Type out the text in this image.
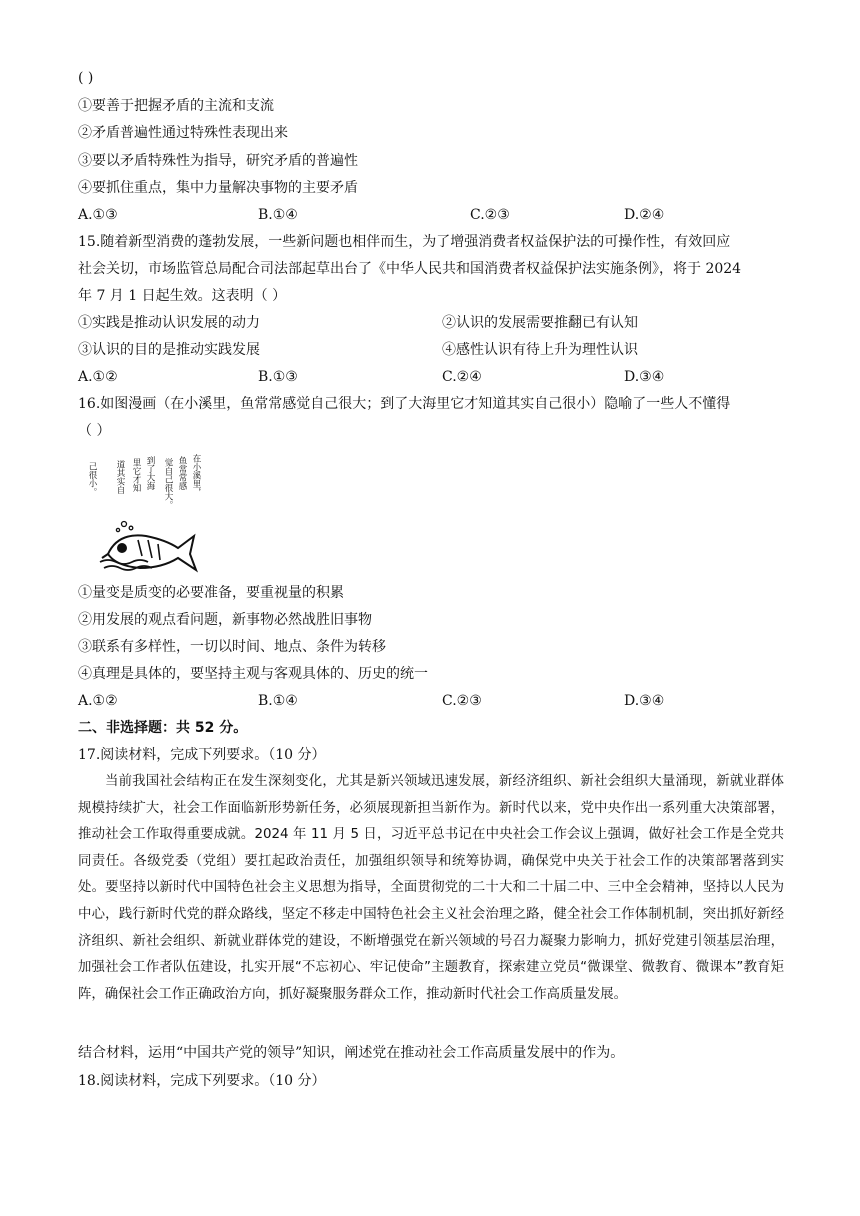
( )
①要善于把握矛盾的主流和支流
②矛盾普遍性通过特殊性表现出来
③要以矛盾特殊性为指导，研究矛盾的普遍性
④要抓住重点，集中力量解决事物的主要矛盾
A.①③	B.①④	C.②③	D.②④
15.随着新型消费的蓬勃发展，一些新问题也相伴而生，为了增强消费者权益保护法的可操作性，有效回应
社会关切，市场监管总局配合司法部起草出台了《中华人民共和国消费者权益保护法实施条例》，将于 2024
年 7 月 1 日起生效。这表明（ ）
①实践是推动认识发展的动力	②认识的发展需要推翻已有认知
③认识的目的是推动实践发展	④感性认识有待上升为理性认识
A.①②	B.①③	C.②④	D.③④
16.如图漫画（在小溪里，鱼常常感觉自己很大；到了大海里它才知道其实自己很小）隐喻了一些人不懂得
（ ）
在小溪里，
鱼常常感
觉自己很大。
到了大海
里它才知
道其实自
己很小。
①量变是质变的必要准备，要重视量的积累
②用发展的观点看问题，新事物必然战胜旧事物
③联系有多样性，一切以时间、地点、条件为转移
④真理是具体的，要坚持主观与客观具体的、历史的统一
A.①②	B.①④	C.②③	D.③④
二、非选择题：共 52 分。
17.阅读材料，完成下列要求。（10 分）
当前我国社会结构正在发生深刻变化，尤其是新兴领域迅速发展，新经济组织、新社会组织大量涌现，新就业群体规模持续扩大，社会工作面临新形势新任务，必须展现新担当新作为。新时代以来，党中央作出一系列重大决策部署，推动社会工作取得重要成就。2024 年 11 月 5 日，习近平总书记在中央社会工作会议上强调，做好社会工作是全党共同责任。各级党委（党组）要扛起政治责任，加强组织领导和统筹协调，确保党中央关于社会工作的决策部署落到实处。要坚持以新时代中国特色社会主义思想为指导，全面贯彻党的二十大和二十届二中、三中全会精神，坚持以人民为中心，践行新时代党的群众路线，坚定不移走中国特色社会主义社会治理之路，健全社会工作体制机制，突出抓好新经济组织、新社会组织、新就业群体党的建设，不断增强党在新兴领域的号召力凝聚力影响力，抓好党建引领基层治理，加强社会工作者队伍建设，扎实开展“不忘初心、牢记使命”主题教育，探索建立党员“微课堂、微教育、微课本”教育矩阵，确保社会工作正确政治方向，抓好凝聚服务群众工作，推动新时代社会工作高质量发展。
结合材料，运用“中国共产党的领导”知识，阐述党在推动社会工作高质量发展中的作为。
18.阅读材料，完成下列要求。（10 分）
